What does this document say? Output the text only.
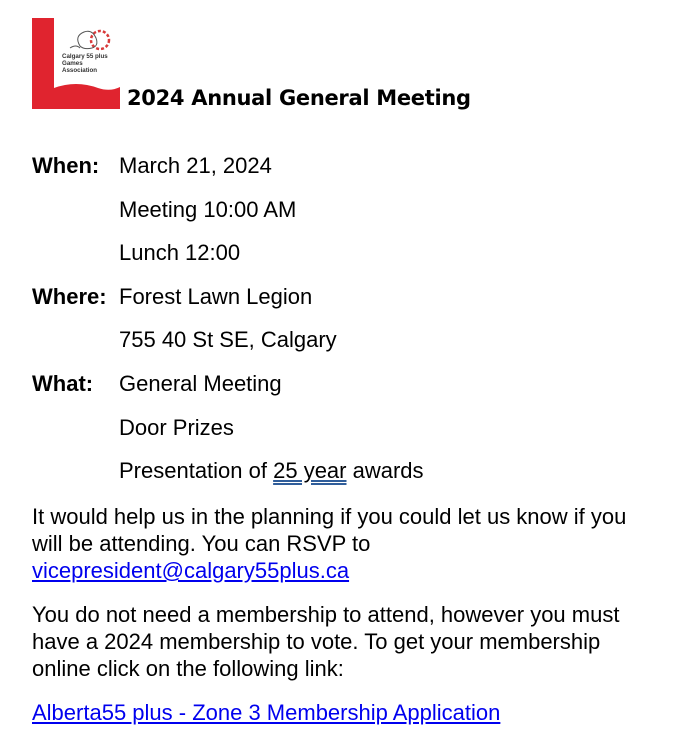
Calgary 55 plus Games Association
2024 Annual General Meeting
When: March 21, 2024
Meeting 10:00 AM
Lunch 12:00
Where: Forest Lawn Legion
755 40 St SE, Calgary
What: General Meeting
Door Prizes
Presentation of 25 year awards
It would help us in the planning if you could let us know if you will be attending. You can RSVP to
vicepresident@calgary55plus.ca
You do not need a membership to attend, however you must have a 2024 membership to vote. To get your membership online click on the following link:
Alberta55 plus - Zone 3 Membership Application
